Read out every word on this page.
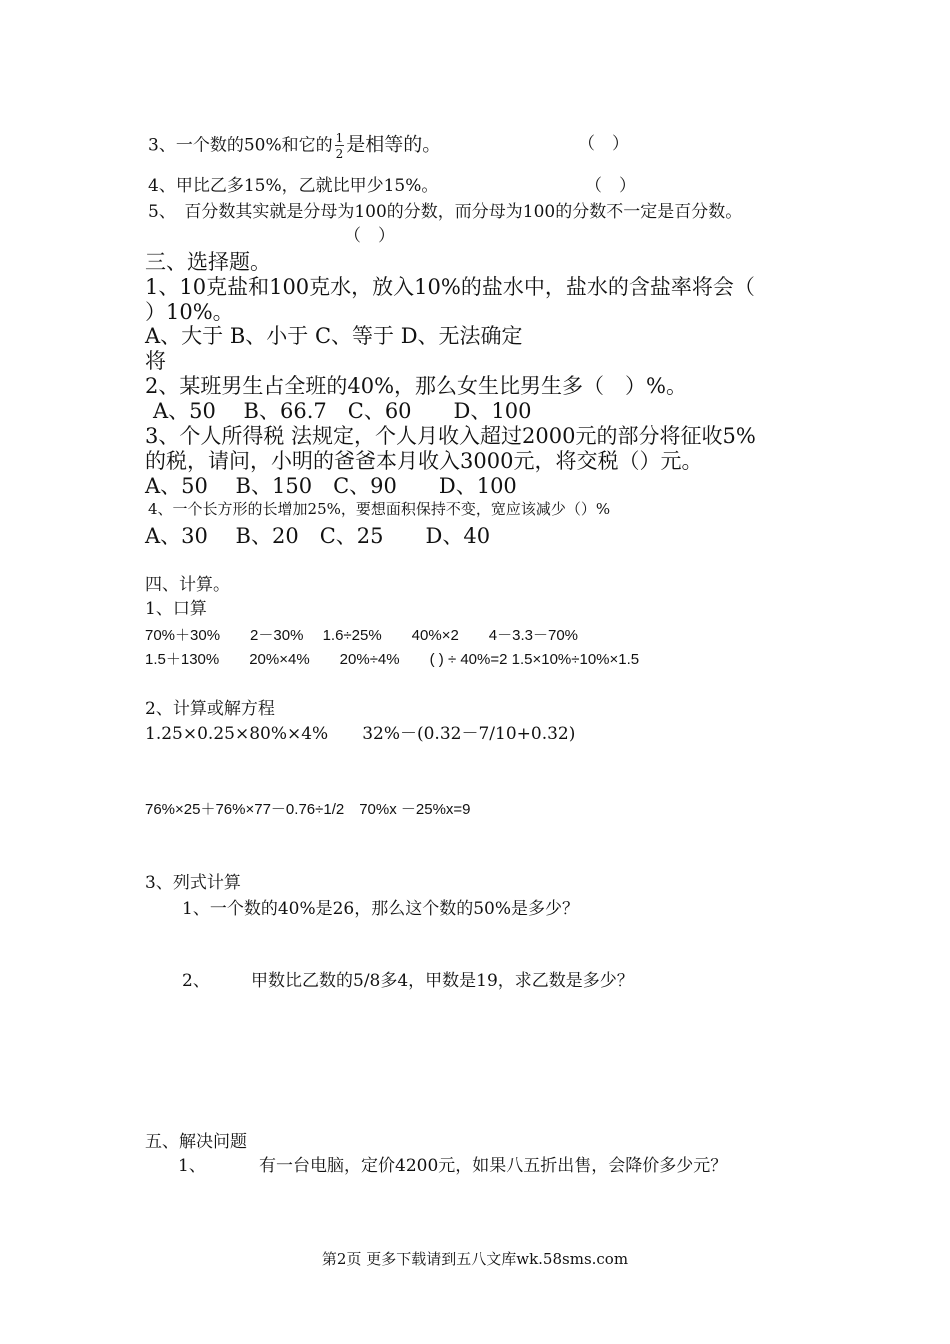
3、一个数的50%和它的 $\frac{1}{2}$ 是相等的。	（　）
4、甲比乙多15%，乙就比甲少15%。	（　）
5、　百分数其实就是分母为100的分数，而分母为100的分数不一定是百分数。
（　）
三、选择题。
1、10克盐和100克水，放入10%的盐水中，盐水的含盐率将会（
）10%。
A、大于 B、小于 C、等于 D、无法确定
将
2、某班男生占全班的40%，那么女生比男生多（　）%。
A、50　 B、66.7　C、60　　D、100
3、个人所得税 法规定，个人月收入超过2000元的部分将征收5%
的税，请问，小明的爸爸本月收入3000元，将交税（）元。
A、50　 B、150　C、90　　D、100
4、一个长方形的长增加25%，要想面积保持不变，宽应该减少（）%
A、30　 B、20　C、25　　D、40
四、计算。
1、口算
70%＋30%　　2－30%　 1.6÷25%　　40%×2　　4－3.3－70%
1.5＋130%　　20%×4%　　20%÷4%　　( ) ÷ 40%=2 1.5×10%÷10%×1.5
2、计算或解方程
1.25×0.25×80%×4%　　32%－(0.32－7/10+0.32)
76%×25＋76%×77－0.76÷1/2　70%x －25%x=9
3、列式计算
1、一个数的40%是26，那么这个数的50%是多少？
2、 甲数比乙数的5/8多4，甲数是19，求乙数是多少？
五、解决问题
1、	有一台电脑，定价4200元，如果八五折出售，会降价多少元？
第2页 更多下载请到五八文库wk.58sms.com
